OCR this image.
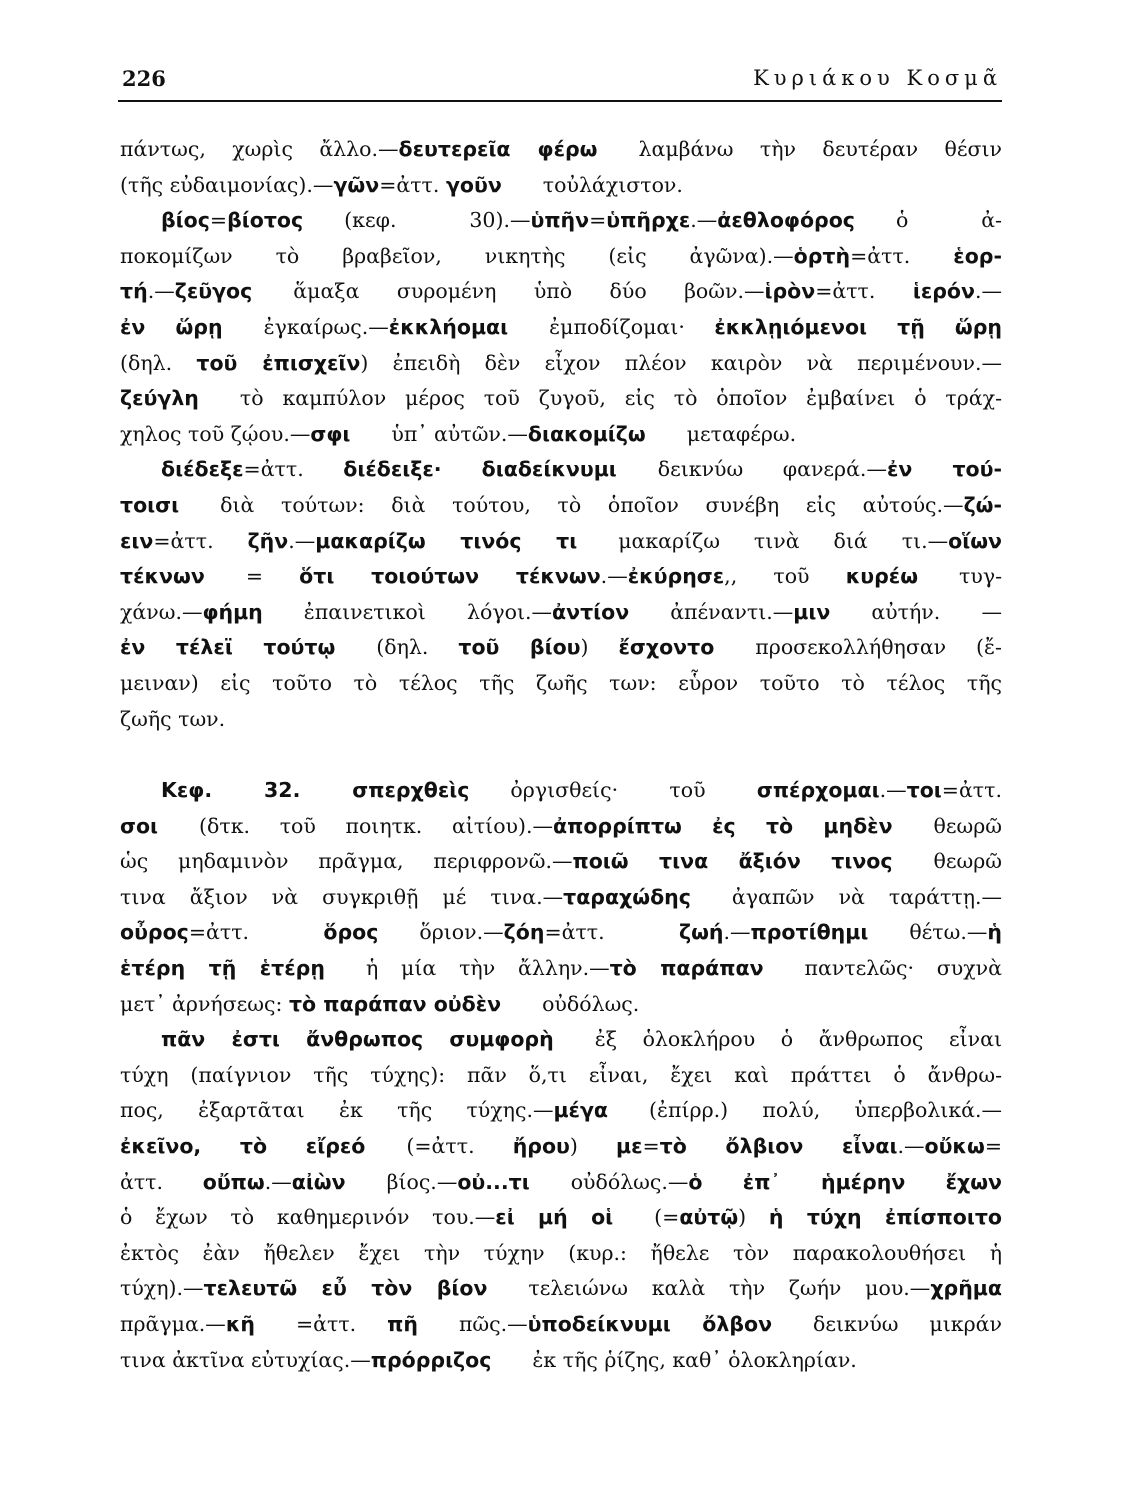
226	Κυριάκου Κοσμᾶ
πάντως, χωρὶς ἄλλο.—δευτερεῖα φέρω  λαμβάνω τὴν δευτέραν θέσιν
(τῆς εὐδαιμονίας).—γῶν=ἀττ. γοῦν  τοὐλάχιστον.
  βίος=βίοτος  (κεφ. 30).—ὑπῆν=ὑπῆρχε.—ἀεθλοφόρος  ὁ ἀ-
ποκομίζων τὸ βραβεῖον, νικητὴς (εἰς ἀγῶνα).—ὁρτὴ=ἀττ. ἑορ-
τή.—ζεῦγος  ἅμαξα συρομένη ὑπὸ δύο βοῶν.—ἱρὸν=ἀττ. ἱερόν.—
ἐν ὥρῃ  ἐγκαίρως.—ἐκκλήομαι  ἐμποδίζομαι· ἐκκλῃιόμενοι τῇ ὥρῃ
(δηλ. τοῦ ἐπισχεῖν) ἐπειδὴ δὲν εἶχον πλέον καιρὸν νὰ περιμένουν.—
ζεύγλη  τὸ καμπύλον μέρος τοῦ ζυγοῦ, εἰς τὸ ὁποῖον ἐμβαίνει ὁ τράχ-
χηλος τοῦ ζῴου.—σφι  ὑπ᾽ αὐτῶν.—διακομίζω  μεταφέρω.
  διέδεξε=ἀττ. διέδειξε· διαδείκνυμι  δεικνύω φανερά.—ἐν τού-
τοισι  διὰ τούτων: διὰ τούτου, τὸ ὁποῖον συνέβη εἰς αὐτούς.—ζώ-
ειν=ἀττ. ζῆν.—μακαρίζω τινός τι  μακαρίζω τινὰ διά τι.—οἵων
τέκνων  = ὅτι τοιούτων τέκνων.—ἐκύρησε,, τοῦ κυρέω  τυγ-
χάνω.—φήμη  ἐπαινετικοὶ λόγοι.—ἀντίον  ἀπέναντι.—μιν  αὐτήν. —
ἐν τέλεϊ τούτῳ  (δηλ. τοῦ βίου) ἔσχοντο  προσεκολλήθησαν (ἔ-
μειναν) εἰς τοῦτο τὸ τέλος τῆς ζωῆς των: εὗρον τοῦτο τὸ τέλος τῆς
ζωῆς των.
  Κεφ. 32. σπερχθεὶς  ὀργισθείς· τοῦ σπέρχομαι.—τοι=ἀττ.
σοι  (δτκ. τοῦ ποιητκ. αἰτίου).—ἀπορρίπτω ἐς τὸ μηδὲν  θεωρῶ
ὡς μηδαμινὸν πρᾶγμα, περιφρονῶ.—ποιῶ τινα ἄξιόν τινος  θεωρῶ
τινα ἄξιον νὰ συγκριθῇ μέ τινα.—ταραχώδης  ἀγαπῶν νὰ ταράττῃ.—
οὖρος=ἀττ. ὅρος  ὅριον.—ζόη=ἀττ. ζωή.—προτίθημι  θέτω.—ἡ
ἑτέρη τῇ ἑτέρῃ  ἡ μία τὴν ἄλλην.—τὸ παράπαν  παντελῶς· συχνὰ
μετ᾽ ἀρνήσεως: τὸ παράπαν οὐδὲν  οὐδόλως.
  πᾶν ἐστι ἄνθρωπος συμφορὴ  ἐξ ὁλοκλήρου ὁ ἄνθρωπος εἶναι
τύχη (παίγνιον τῆς τύχης): πᾶν ὅ,τι εἶναι, ἔχει καὶ πράττει ὁ ἄνθρω-
πος, ἐξαρτᾶται ἐκ τῆς τύχης.—μέγα  (ἐπίρρ.) πολύ, ὑπερβολικά.—
ἐκεῖνο, τὸ εἴρεό  (=ἀττ. ἤρου) με=τὸ ὄλβιον εἶναι.—οὔκω=
ἀττ. οὔπω.—αἰὼν  βίος.—οὐ...τι  οὐδόλως.—ὁ ἐπ᾽ ἡμέρην ἔχων
ὁ ἔχων τὸ καθημερινόν του.—εἰ μή οἱ  (=αὐτῷ) ἡ τύχη ἐπίσποιτο
ἐκτὸς ἐὰν ἤθελεν ἔχει τὴν τύχην (κυρ.: ἤθελε τὸν παρακολουθήσει ἡ
τύχη).—τελευτῶ εὖ τὸν βίον  τελειώνω καλὰ τὴν ζωήν μου.—χρῆμα
πρᾶγμα.—κῆ  =ἀττ. πῆ  πῶς.—ὑποδείκνυμι ὄλβον  δεικνύω μικράν
τινα ἀκτῖνα εὐτυχίας.—πρόρριζος  ἐκ τῆς ῥίζης, καθ᾽ ὁλοκληρίαν.
